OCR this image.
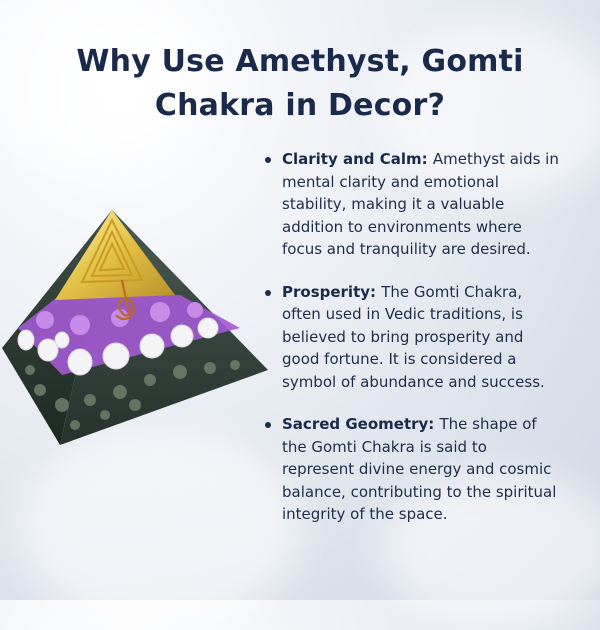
Why Use Amethyst, Gomti
Chakra in Decor?
Clarity and Calm: Amethyst aids in mental clarity and emotional stability, making it a valuable addition to environments where focus and tranquility are desired.
Prosperity: The Gomti Chakra, often used in Vedic traditions, is believed to bring prosperity and good fortune. It is considered a symbol of abundance and success.
Sacred Geometry: The shape of the Gomti Chakra is said to represent divine energy and cosmic balance, contributing to the spiritual integrity of the space.
